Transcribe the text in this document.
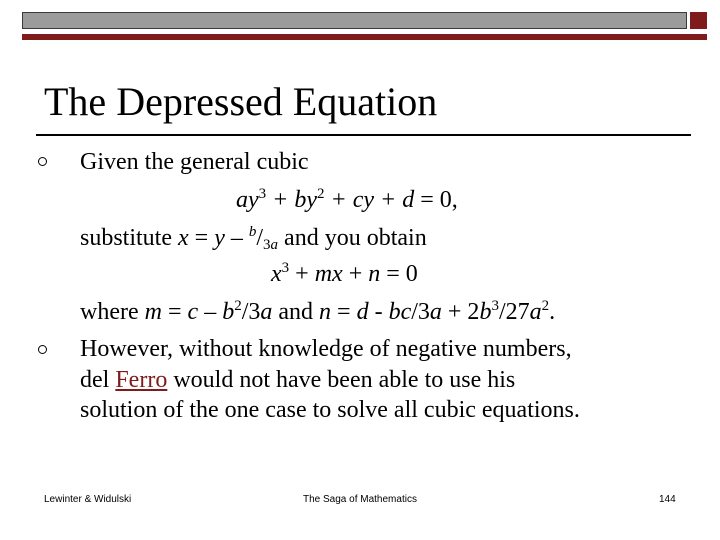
The Depressed Equation
Given the general cubic
$ay^3 + by^2$ + cy + d = 0,
substitute x = y – $^b$/3a and you obtain
$x^3$ + mx + n = 0
where $m = c - b^2/3a$ and $n = d - bc/3a + 2b^3/27a^2$.
However, without knowledge of negative numbers,
del Ferro would not have been able to use his
solution of the one case to solve all cubic equations.
Lewinter & Widulski	The Saga of Mathematics	144
